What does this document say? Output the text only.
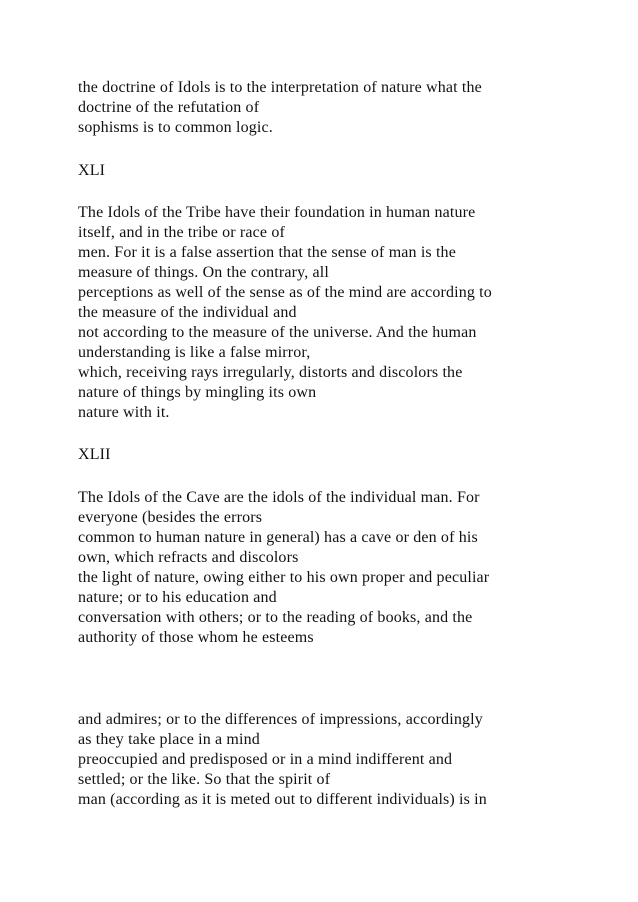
the doctrine of Idols is to the interpretation of nature what the
doctrine of the refutation of
sophisms is to common logic.
XLI
The Idols of the Tribe have their foundation in human nature
itself, and in the tribe or race of
men. For it is a false assertion that the sense of man is the
measure of things. On the contrary, all
perceptions as well of the sense as of the mind are according to
the measure of the individual and
not according to the measure of the universe. And the human
understanding is like a false mirror,
which, receiving rays irregularly, distorts and discolors the
nature of things by mingling its own
nature with it.
XLII
The Idols of the Cave are the idols of the individual man. For
everyone (besides the errors
common to human nature in general) has a cave or den of his
own, which refracts and discolors
the light of nature, owing either to his own proper and peculiar
nature; or to his education and
conversation with others; or to the reading of books, and the
authority of those whom he esteems
and admires; or to the differences of impressions, accordingly
as they take place in a mind
preoccupied and predisposed or in a mind indifferent and
settled; or the like. So that the spirit of
man (according as it is meted out to different individuals) is in
